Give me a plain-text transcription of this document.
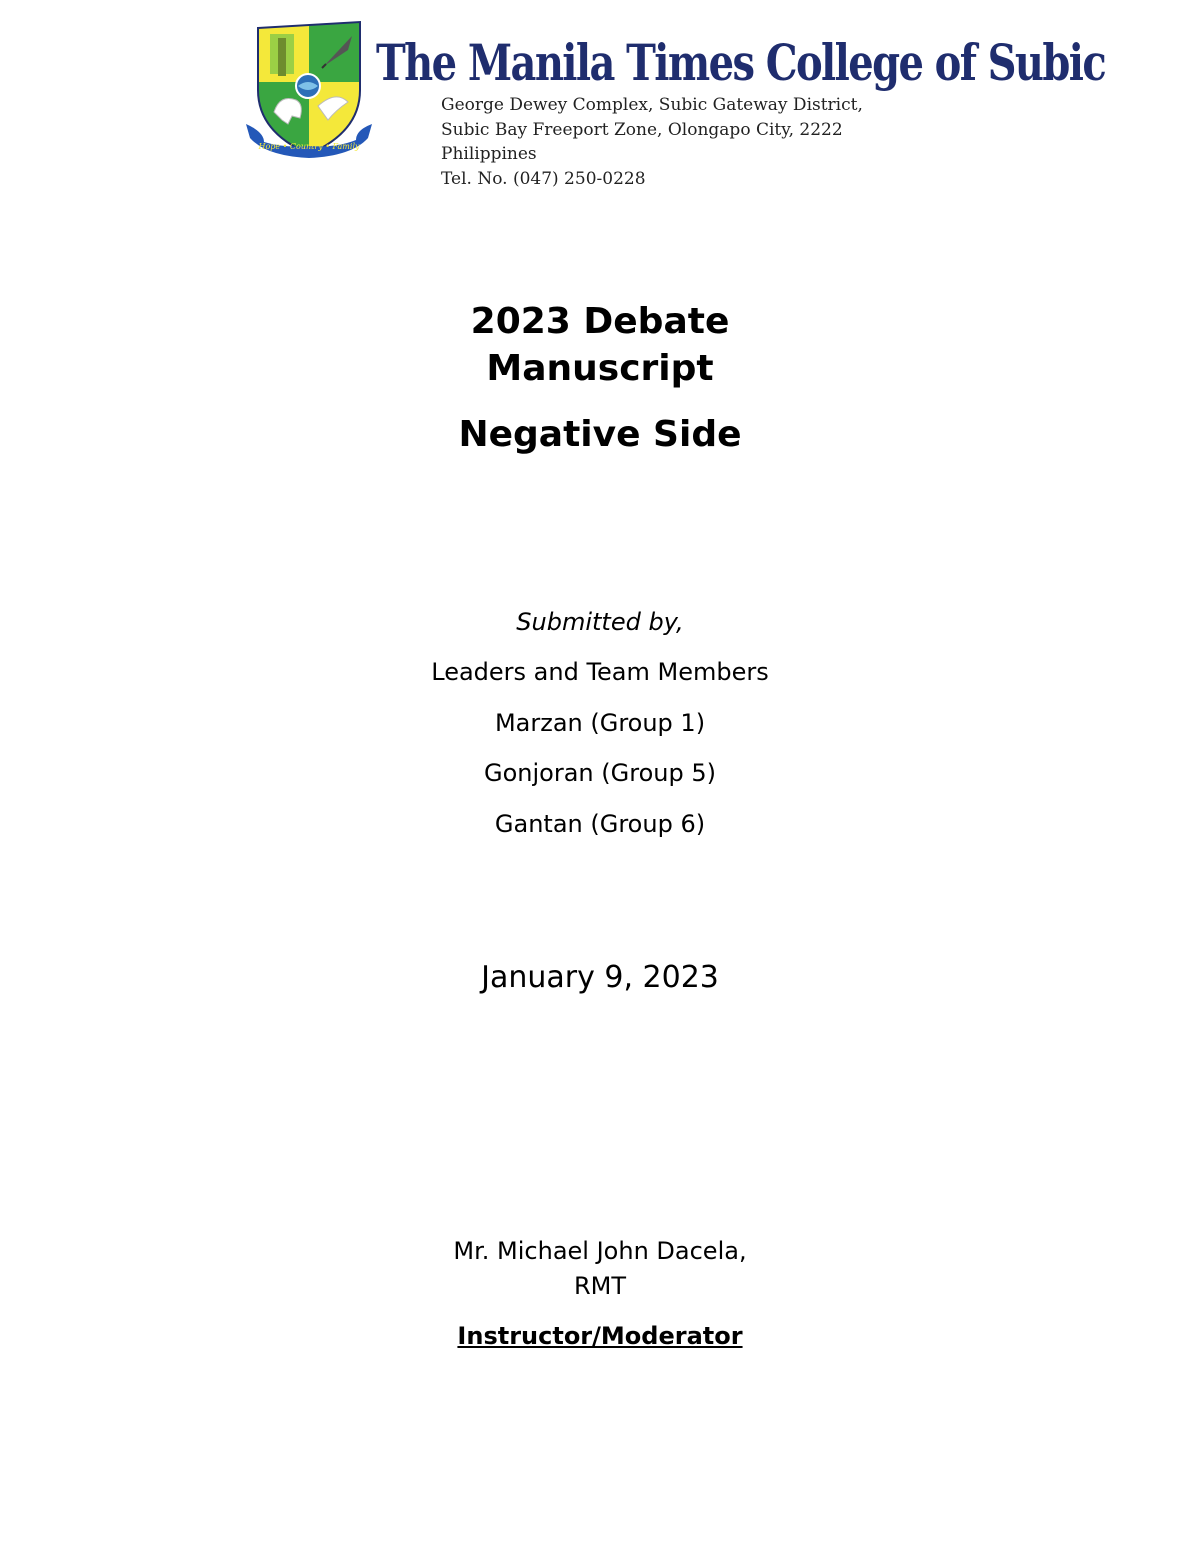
Hope • Country • Family
The Manila Times College of Subic
George Dewey Complex, Subic Gateway District,
Subic Bay Freeport Zone, Olongapo City, 2222
Philippines
Tel. No. (047) 250-0228
2023 Debate
Manuscript
Negative Side
Submitted by,
Leaders and Team Members
Marzan (Group 1)
Gonjoran (Group 5)
Gantan (Group 6)
January 9, 2023
Mr. Michael John Dacela,
RMT
Instructor/Moderator
